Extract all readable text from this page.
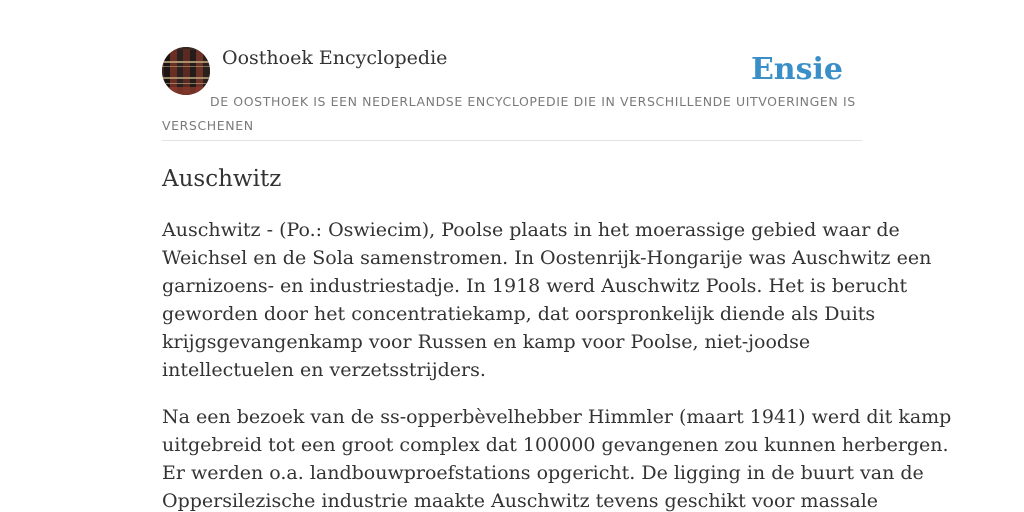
Oosthoek Encyclopedie	Ensie
DE OOSTHOEK IS EEN NEDERLANDSE ENCYCLOPEDIE DIE IN VERSCHILLENDE UITVOERINGEN IS VERSCHENEN
Auschwitz

Auschwitz - (Po.: Oswiecim), Poolse plaats in het moerassige gebied waar de
Weichsel en de Sola samenstromen. In Oostenrijk-Hongarije was Auschwitz een
garnizoens- en industriestadje. In 1918 werd Auschwitz Pools. Het is berucht
geworden door het concentratiekamp, dat oorspronkelijk diende als Duits
krijgsgevangenkamp voor Russen en kamp voor Poolse, niet-joodse
intellectuelen en verzetsstrijders.

Na een bezoek van de ss-opperbèvelhebber Himmler (maart 1941) werd dit kamp
uitgebreid tot een groot complex dat 100000 gevangenen zou kunnen herbergen.
Er werden o.a. landbouwproefstations opgericht. De ligging in de buurt van de
Oppersilezische industrie maakte Auschwitz tevens geschikt voor massale
